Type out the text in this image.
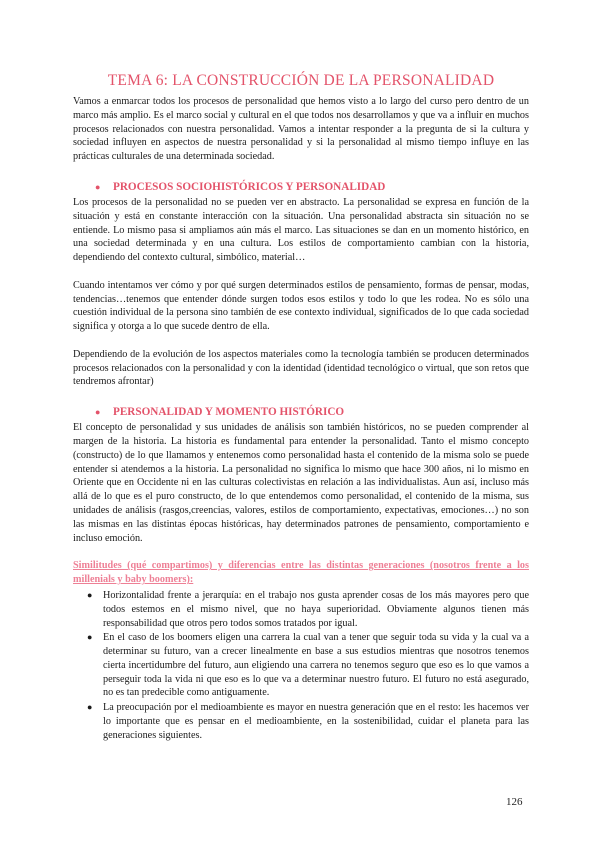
TEMA 6: LA CONSTRUCCIÓN DE LA PERSONALIDAD

Vamos a enmarcar todos los procesos de personalidad que hemos visto a lo largo del curso pero dentro de un marco más amplio. Es el marco social y cultural en el que todos nos desarrollamos y que va a influir en muchos procesos relacionados con nuestra personalidad. Vamos a intentar responder a la pregunta de si la cultura y sociedad influyen en aspectos de nuestra personalidad y si la personalidad al mismo tiempo influye en las prácticas culturales de una determinada sociedad.

●	PROCESOS SOCIOHISTÓRICOS Y PERSONALIDAD

Los procesos de la personalidad no se pueden ver en abstracto. La personalidad se expresa en función de la situación y está en constante interacción con la situación. Una personalidad abstracta sin situación no se entiende. Lo mismo pasa si ampliamos aún más el marco. Las situaciones se dan en un momento histórico, en una sociedad determinada y en una cultura. Los estilos de comportamiento cambian con la historia, dependiendo del contexto cultural, simbólico, material…

Cuando intentamos ver cómo y por qué surgen determinados estilos de pensamiento, formas de pensar, modas, tendencias…tenemos que entender dónde surgen todos esos estilos y todo lo que les rodea. No es sólo una cuestión individual de la persona sino también de ese contexto individual, significados de lo que cada sociedad significa y otorga a lo que sucede dentro de ella.

Dependiendo de la evolución de los aspectos materiales como la tecnología también se producen determinados procesos relacionados con la personalidad y con la identidad (identidad tecnológico o virtual, que son retos que tendremos afrontar)

●	PERSONALIDAD Y MOMENTO HISTÓRICO

El concepto de personalidad y sus unidades de análisis son también históricos, no se pueden comprender al margen de la historia. La historia es fundamental para entender la personalidad. Tanto el mismo concepto (constructo) de lo que llamamos y entenemos como personalidad hasta el contenido de la misma solo se puede entender si atendemos a la historia. La personalidad no significa lo mismo que hace 300 años, ni lo mismo en Oriente que en Occidente ni en las culturas colectivistas en relación a las individualistas. Aun así, incluso más allá de lo que es el puro constructo, de lo que entendemos como personalidad, el contenido de la misma, sus unidades de análisis (rasgos,creencias, valores, estilos de comportamiento, expectativas, emociones…) no son las mismas en las distintas épocas históricas, hay determinados patrones de pensamiento, comportamiento e incluso emoción.

Similitudes (qué compartimos) y diferencias entre las distintas generaciones (nosotros frente a los millenials y baby boomers):

●	Horizontalidad frente a jerarquía: en el trabajo nos gusta aprender cosas de los más mayores pero que todos estemos en el mismo nivel, que no haya superioridad. Obviamente algunos tienen más responsabilidad que otros pero todos somos tratados por igual.
●	En el caso de los boomers eligen una carrera la cual van a tener que seguir toda su vida y la cual va a determinar su futuro, van a crecer linealmente en base a sus estudios mientras que nosotros tenemos cierta incertidumbre del futuro, aun eligiendo una carrera no tenemos seguro que eso es lo que vamos a perseguir toda la vida ni que eso es lo que va a determinar nuestro futuro. El futuro no está asegurado, no es tan predecible como antiguamente.
●	La preocupación por el medioambiente es mayor en nuestra generación que en el resto: les hacemos ver lo importante que es pensar en el medioambiente, en la sostenibilidad, cuidar el planeta para las generaciones siguientes.
126
